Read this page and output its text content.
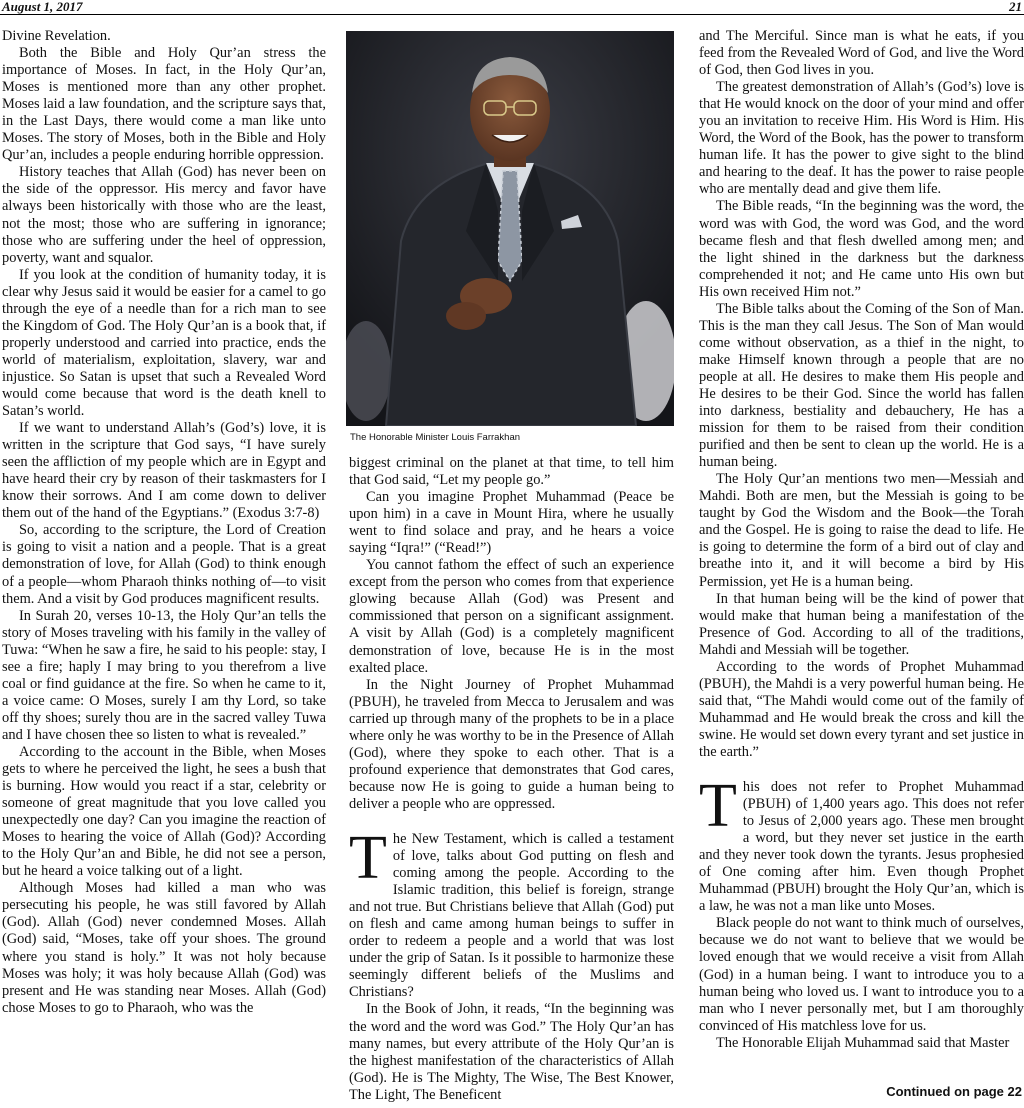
August 1, 2017	21

Divine Revelation.

Both the Bible and Holy Qur’an stress the importance of Moses. In fact, in the Holy Qur’an, Moses is mentioned more than any other prophet. Moses laid a law foundation, and the scripture says that, in the Last Days, there would come a man like unto Moses. The story of Moses, both in the Bible and Holy Qur’an, includes a people enduring horrible oppression.

History teaches that Allah (God) has never been on the side of the oppressor. His mercy and favor have always been historically with those who are the least, not the most; those who are suffering in ignorance; those who are suffering under the heel of oppression, poverty, want and squalor.

If you look at the condition of humanity today, it is clear why Jesus said it would be easier for a camel to go through the eye of a needle than for a rich man to see the Kingdom of God. The Holy Qur’an is a book that, if properly understood and carried into practice, ends the world of materialism, exploitation, slavery, war and injustice. So Satan is upset that such a Revealed Word would come because that word is the death knell to Satan’s world.

If we want to understand Allah’s (God’s) love, it is written in the scripture that God says, “I have surely seen the affliction of my people which are in Egypt and have heard their cry by reason of their taskmasters for I know their sorrows. And I am come down to deliver them out of the hand of the Egyptians.” (Exodus 3:7-8)

So, according to the scripture, the Lord of Creation is going to visit a nation and a people. That is a great demonstration of love, for Allah (God) to think enough of a people—whom Pharaoh thinks nothing of—to visit them. And a visit by God produces magnificent results.

In Surah 20, verses 10-13, the Holy Qur’an tells the story of Moses traveling with his family in the valley of Tuwa: “When he saw a fire, he said to his people: stay, I see a fire; haply I may bring to you therefrom a live coal or find guidance at the fire. So when he came to it, a voice came: O Moses, surely I am thy Lord, so take off thy shoes; surely thou are in the sacred valley Tuwa and I have chosen thee so listen to what is revealed.”

According to the account in the Bible, when Moses gets to where he perceived the light, he sees a bush that is burning. How would you react if a star, celebrity or someone of great magnitude that you love called you unexpectedly one day? Can you imagine the reaction of Moses to hearing the voice of Allah (God)? According to the Holy Qur’an and Bible, he did not see a person, but he heard a voice talking out of a light.

Although Moses had killed a man who was persecuting his people, he was still favored by Allah (God). Allah (God) never condemned Moses. Allah (God) said, “Moses, take off your shoes. The ground where you stand is holy.” It was not holy because Moses was holy; it was holy because Allah (God) was present and He was standing near Moses. Allah (God) chose Moses to go to Pharaoh, who was the

The Honorable Minister Louis Farrakhan

biggest criminal on the planet at that time, to tell him that God said, “Let my people go.”

Can you imagine Prophet Muhammad (Peace be upon him) in a cave in Mount Hira, where he usually went to find solace and pray, and he hears a voice saying “Iqra!” (“Read!”)

You cannot fathom the effect of such an experience except from the person who comes from that experience glowing because Allah (God) was Present and commissioned that person on a significant assignment. A visit by Allah (God) is a completely magnificent demonstration of love, because He is in the most exalted place.

In the Night Journey of Prophet Muhammad (PBUH), he traveled from Mecca to Jerusalem and was carried up through many of the prophets to be in a place where only he was worthy to be in the Presence of Allah (God), where they spoke to each other. That is a profound experience that demonstrates that God cares, because now He is going to guide a human being to deliver a people who are oppressed.

The New Testament, which is called a testament of love, talks about God putting on flesh and coming among the people. According to the Islamic tradition, this belief is foreign, strange and not true. But Christians believe that Allah (God) put on flesh and came among human beings to suffer in order to redeem a people and a world that was lost under the grip of Satan. Is it possible to harmonize these seemingly different beliefs of the Muslims and Christians?

In the Book of John, it reads, “In the beginning was the word and the word was God.” The Holy Qur’an has many names, but every attribute of the Holy Qur’an is the highest manifestation of the characteristics of Allah (God). He is The Mighty, The Wise, The Best Knower, The Light, The Beneficent

and The Merciful. Since man is what he eats, if you feed from the Revealed Word of God, and live the Word of God, then God lives in you.

The greatest demonstration of Allah’s (God’s) love is that He would knock on the door of your mind and offer you an invitation to receive Him. His Word is Him. His Word, the Word of the Book, has the power to transform human life. It has the power to give sight to the blind and hearing to the deaf. It has the power to raise people who are mentally dead and give them life.

The Bible reads, “In the beginning was the word, the word was with God, the word was God, and the word became flesh and that flesh dwelled among men; and the light shined in the darkness but the darkness comprehended it not; and He came unto His own but His own received Him not.”

The Bible talks about the Coming of the Son of Man. This is the man they call Jesus. The Son of Man would come without observation, as a thief in the night, to make Himself known through a people that are no people at all. He desires to make them His people and He desires to be their God. Since the world has fallen into darkness, bestiality and debauchery, He has a mission for them to be raised from their condition purified and then be sent to clean up the world. He is a human being.

The Holy Qur’an mentions two men—Messiah and Mahdi. Both are men, but the Messiah is going to be taught by God the Wisdom and the Book—the Torah and the Gospel. He is going to raise the dead to life. He is going to determine the form of a bird out of clay and breathe into it, and it will become a bird by His Permission, yet He is a human being.

In that human being will be the kind of power that would make that human being a manifestation of the Presence of God. According to all of the traditions, Mahdi and Messiah will be together.

According to the words of Prophet Muhammad (PBUH), the Mahdi is a very powerful human being. He said that, “The Mahdi would come out of the family of Muhammad and He would break the cross and kill the swine. He would set down every tyrant and set justice in the earth.”

This does not refer to Prophet Muhammad (PBUH) of 1,400 years ago. This does not refer to Jesus of 2,000 years ago. These men brought a word, but they never set justice in the earth and they never took down the tyrants. Jesus prophesied of One coming after him. Even though Prophet Muhammad (PBUH) brought the Holy Qur’an, which is a law, he was not a man like unto Moses.

Black people do not want to think much of ourselves, because we do not want to believe that we would be loved enough that we would receive a visit from Allah (God) in a human being. I want to introduce you to a human being who loved us. I want to introduce you to a man who I never personally met, but I am thoroughly convinced of His matchless love for us.

The Honorable Elijah Muhammad said that Master

Continued on page 22
